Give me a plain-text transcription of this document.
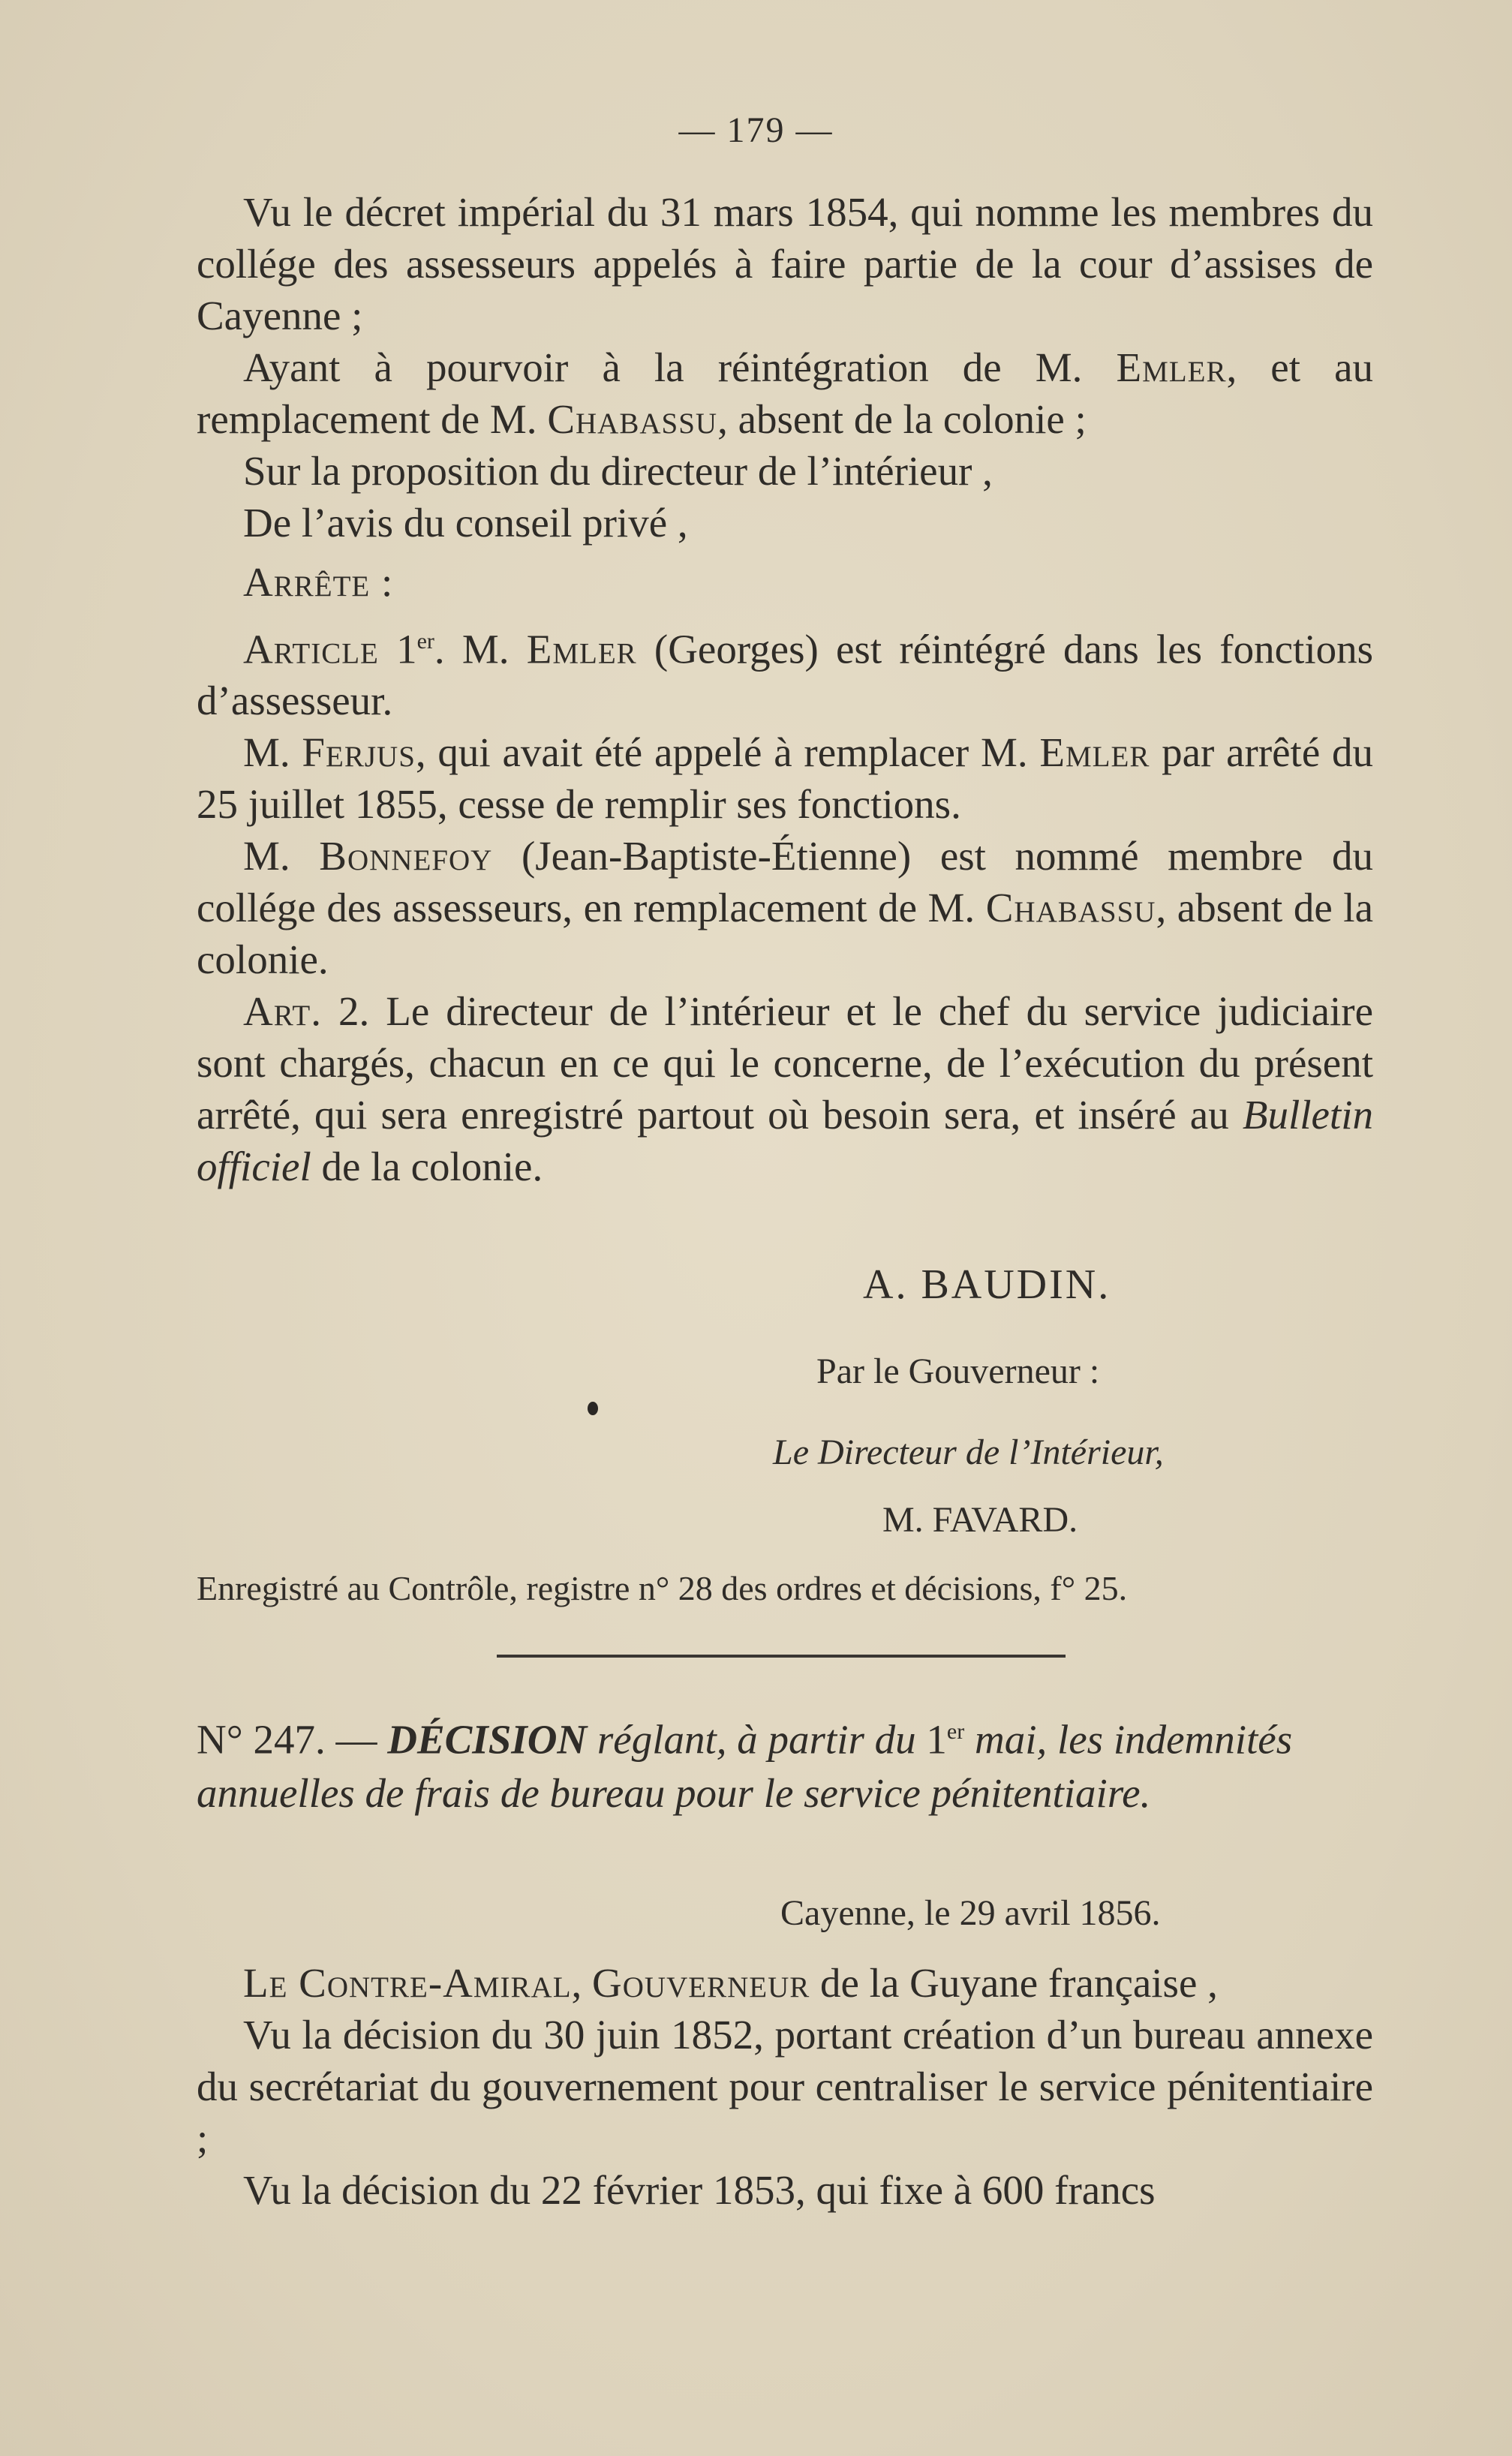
— 179 —

Vu le décret impérial du 31 mars 1854, qui nomme les membres du collége des assesseurs appelés à faire partie de la cour d’assises de Cayenne ;

Ayant à pourvoir à la réintégration de M. Emler, et au remplacement de M. Chabassu, absent de la colonie ;

Sur la proposition du directeur de l’intérieur ,

De l’avis du conseil privé ,

Arrête :

Article 1er. M. Emler (Georges) est réintégré dans les fonctions d’assesseur.

M. Ferjus, qui avait été appelé à remplacer M. Emler par arrêté du 25 juillet 1855, cesse de remplir ses fonctions.

M. Bonnefoy (Jean-Baptiste-Étienne) est nommé membre du collége des assesseurs, en remplacement de M. Chabassu, absent de la colonie.

Art. 2. Le directeur de l’intérieur et le chef du service judiciaire sont chargés, chacun en ce qui le concerne, de l’exécution du présent arrêté, qui sera enregistré partout où besoin sera, et inséré au Bulletin officiel de la colonie.

A. BAUDIN.
Par le Gouverneur :
Le Directeur de l’Intérieur,
M. FAVARD.
Enregistré au Contrôle, registre n° 28 des ordres et décisions, f° 25.
N° 247. — DÉCISION réglant, à partir du 1er mai, les indemnités annuelles de frais de bureau pour le service pénitentiaire.
Cayenne, le 29 avril 1856.

Le Contre-Amiral, Gouverneur de la Guyane française ,

Vu la décision du 30 juin 1852, portant création d’un bureau annexe du secrétariat du gouvernement pour centraliser le service pénitentiaire ;

Vu la décision du 22 février 1853, qui fixe à 600 francs
